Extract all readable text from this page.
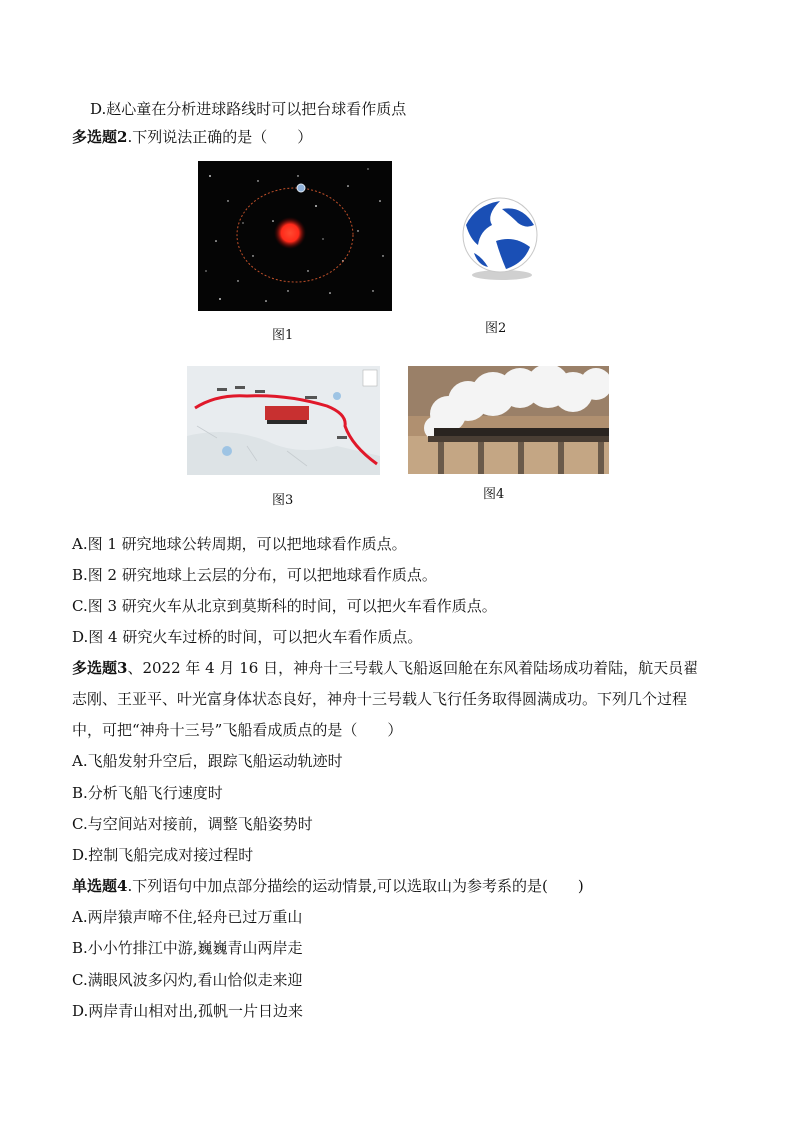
D.赵心童在分析进球路线时可以把台球看作质点
多选题2.下列说法正确的是（　　）
图1	图2
图3	图4
A.图 1 研究地球公转周期，可以把地球看作质点。
B.图 2 研究地球上云层的分布，可以把地球看作质点。
C.图 3 研究火车从北京到莫斯科的时间，可以把火车看作质点。
D.图 4 研究火车过桥的时间，可以把火车看作质点。
多选题3、2022 年 4 月 16 日，神舟十三号载人飞船返回舱在东风着陆场成功着陆，航天员翟
志刚、王亚平、叶光富身体状态良好，神舟十三号载人飞行任务取得圆满成功。下列几个过程
中，可把“神舟十三号”飞船看成质点的是（　　）
A.飞船发射升空后，跟踪飞船运动轨迹时
B.分析飞船飞行速度时
C.与空间站对接前，调整飞船姿势时
D.控制飞船完成对接过程时
单选题4.下列语句中加点部分描绘的运动情景,可以选取山为参考系的是(　　)
A.两岸猿声啼不住,轻舟已过万重山
B.小小竹排江中游,巍巍青山两岸走
C.满眼风波多闪灼,看山恰似走来迎
D.两岸青山相对出,孤帆一片日边来
